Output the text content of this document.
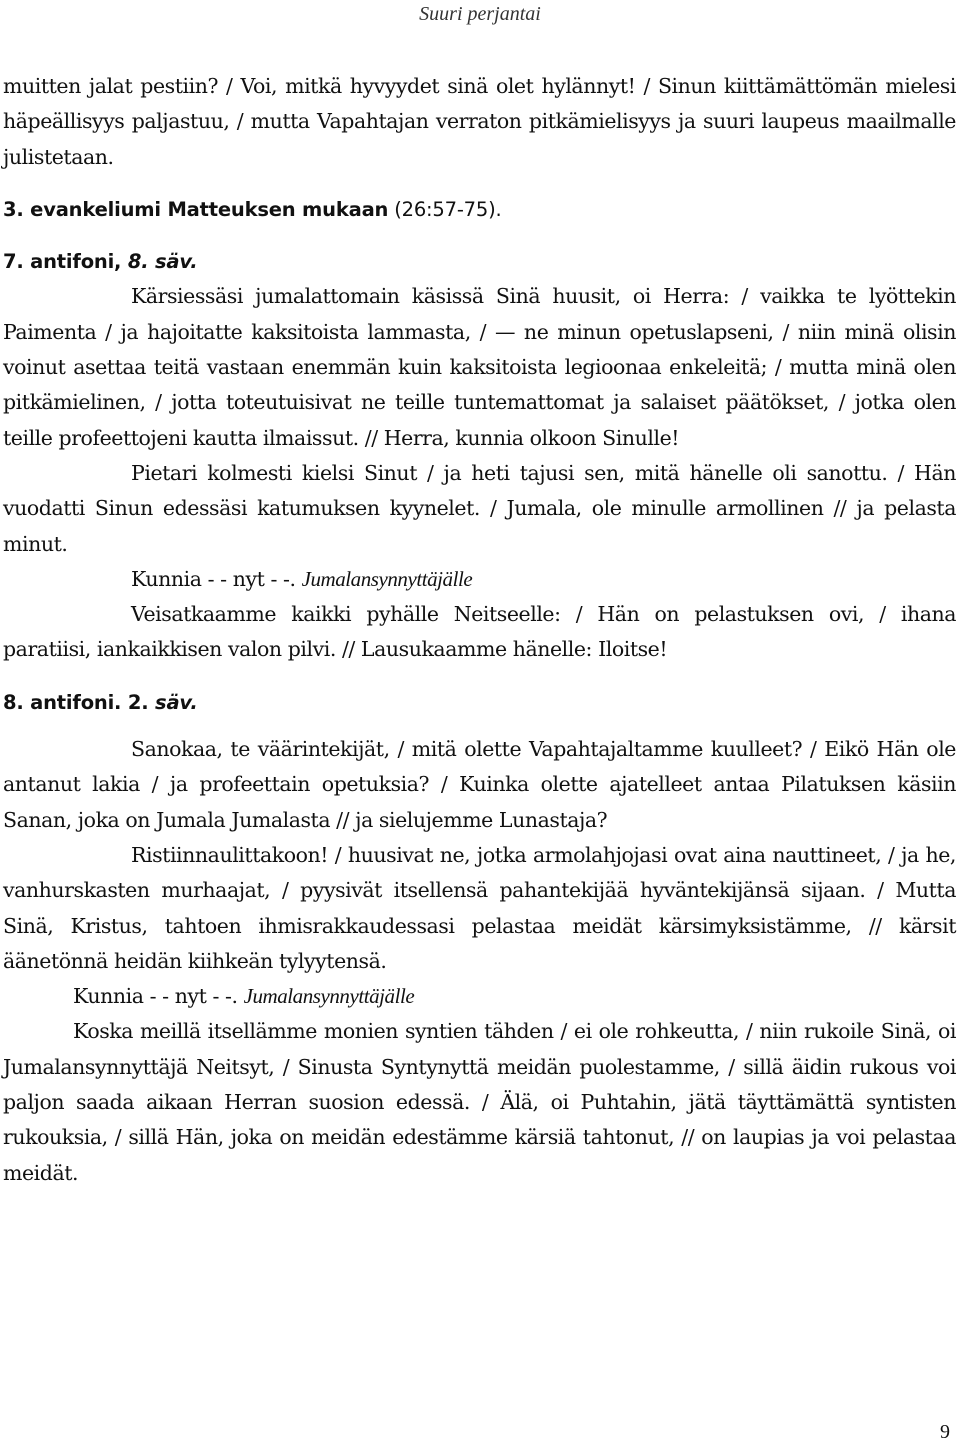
Suuri perjantai

muitten jalat pestiin? / Voi, mitkä hyvyydet sinä olet hylännyt! / Sinun kiittämättömän mielesi häpeällisyys paljastuu, / mutta Vapahtajan verraton pitkämielisyys ja suuri laupeus maailmalle julistetaan.

3. evankeliumi Matteuksen mukaan (26:57-75).

7. antifoni, 8. säv.

Kärsiessäsi jumalattomain käsissä Sinä huusit, oi Herra: / vaikka te lyöttekin Paimenta / ja hajoitatte kaksitoista lammasta, / — ne minun opetuslapseni, / niin minä olisin voinut asettaa teitä vastaan enemmän kuin kaksitoista legioonaa enkeleitä; / mutta minä olen pitkämielinen, / jotta toteutuisivat ne teille tuntemattomat ja salaiset päätökset, / jotka olen teille profeettojeni kautta ilmaissut. // Herra, kunnia olkoon Sinulle!

Pietari kolmesti kielsi Sinut / ja heti tajusi sen, mitä hänelle oli sanottu. / Hän vuodatti Sinun edessäsi katumuksen kyynelet. / Jumala, ole minulle armollinen // ja pelasta minut.

Kunnia - - nyt - -. Jumalansynnyttäjälle

Veisatkaamme kaikki pyhälle Neitseelle: / Hän on pelastuksen ovi, / ihana paratiisi, iankaikkisen valon pilvi. // Lausukaamme hänelle: Iloitse!

8. antifoni. 2. säv.

Sanokaa, te väärintekijät, / mitä olette Vapahtajaltamme kuulleet? / Eikö Hän ole antanut lakia / ja profeettain opetuksia? / Kuinka olette ajatelleet antaa Pilatuksen käsiin Sanan, joka on Jumala Jumalasta // ja sielujemme Lunastaja?

Ristiinnaulittakoon! / huusivat ne, jotka armolahjojasi ovat aina nauttineet, / ja he, vanhurskasten murhaajat, / pyysivät itsellensä pahantekijää hyväntekijänsä sijaan. / Mutta Sinä, Kristus, tahtoen ihmisrakkaudessasi pelastaa meidät kärsimyksistämme, // kärsit äänetönnä heidän kiihkeän tylyytensä.

Kunnia - - nyt - -. Jumalansynnyttäjälle

Koska meillä itsellämme monien syntien tähden / ei ole rohkeutta, / niin rukoile Sinä, oi Jumalansynnyttäjä Neitsyt, / Sinusta Syntynyttä meidän puolestamme, / sillä äidin rukous voi paljon saada aikaan Herran suosion edessä. / Älä, oi Puhtahin, jätä täyttämättä syntisten rukouksia, / sillä Hän, joka on meidän edestämme kärsiä tahtonut, // on laupias ja voi pelastaa meidät.

9
